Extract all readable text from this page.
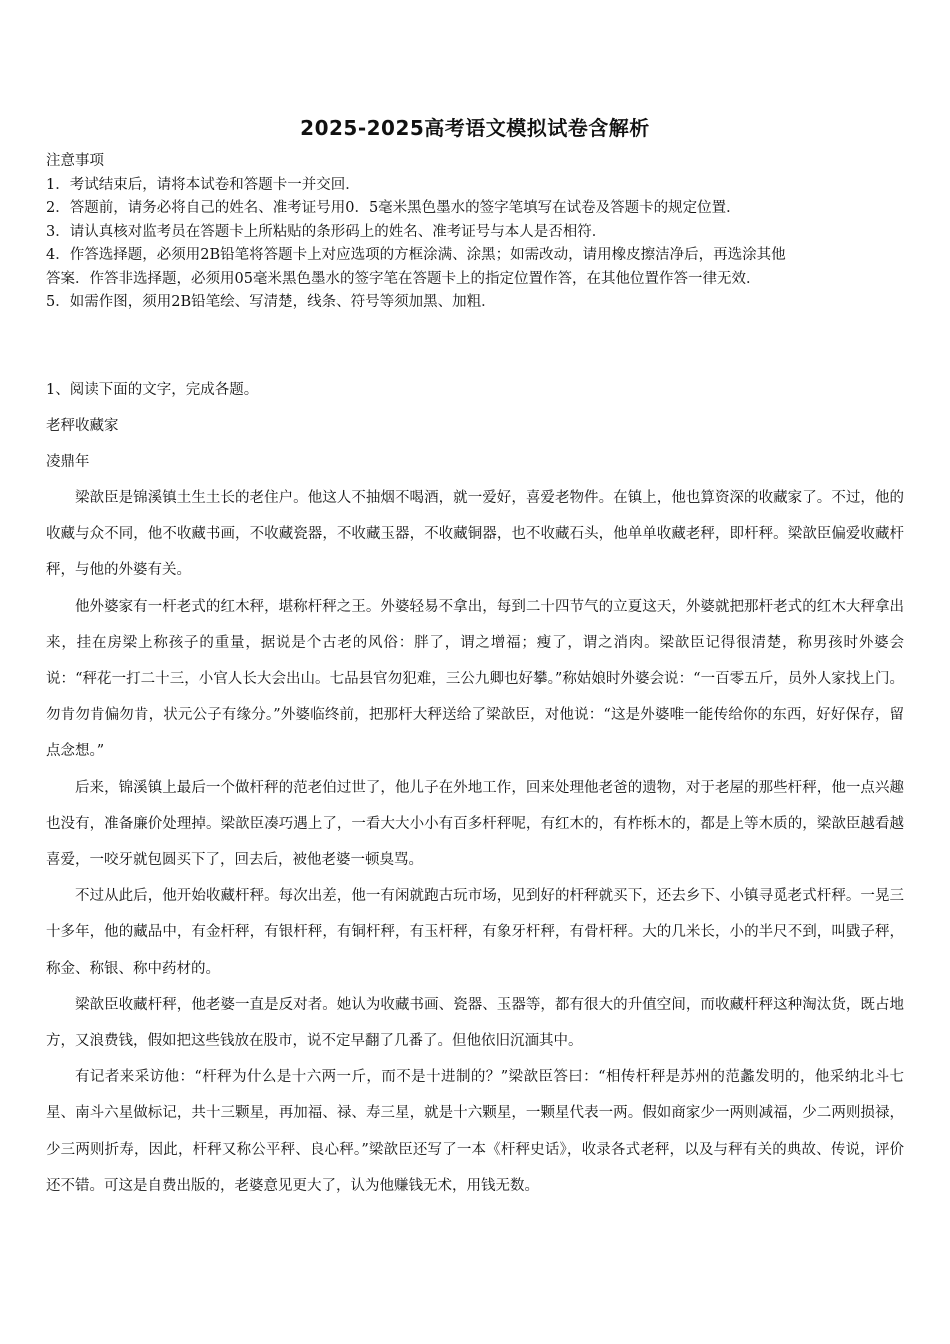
2025-2025高考语文模拟试卷含解析
注意事项
1．考试结束后，请将本试卷和答题卡一并交回．
2．答题前，请务必将自己的姓名、准考证号用0．5毫米黑色墨水的签字笔填写在试卷及答题卡的规定位置．
3．请认真核对监考员在答题卡上所粘贴的条形码上的姓名、准考证号与本人是否相符．
4．作答选择题，必须用2B铅笔将答题卡上对应选项的方框涂满、涂黑；如需改动，请用橡皮擦洁净后，再选涂其他
答案．作答非选择题，必须用05毫米黑色墨水的签字笔在答题卡上的指定位置作答，在其他位置作答一律无效．
5．如需作图，须用2B铅笔绘、写清楚，线条、符号等须加黑、加粗．
1、阅读下面的文字，完成各题。
老秤收藏家
凌鼎年
梁歆臣是锦溪镇土生土长的老住户。他这人不抽烟不喝酒，就一爱好，喜爱老物件。在镇上，他也算资深的收藏家了。不过，他的收藏与众不同，他不收藏书画，不收藏瓷器，不收藏玉器，不收藏铜器，也不收藏石头，他单单收藏老秤，即杆秤。梁歆臣偏爱收藏杆秤，与他的外婆有关。
他外婆家有一杆老式的红木秤，堪称杆秤之王。外婆轻易不拿出，每到二十四节气的立夏这天，外婆就把那杆老式的红木大秤拿出来，挂在房梁上称孩子的重量，据说是个古老的风俗：胖了，谓之增福；瘦了，谓之消肉。梁歆臣记得很清楚，称男孩时外婆会说：“秤花一打二十三，小官人长大会出山。七品县官勿犯难，三公九卿也好攀。”称姑娘时外婆会说：“一百零五斤，员外人家找上门。勿肯勿肯偏勿肯，状元公子有缘分。”外婆临终前，把那杆大秤送给了梁歆臣，对他说：“这是外婆唯一能传给你的东西，好好保存，留点念想。”
后来，锦溪镇上最后一个做杆秤的范老伯过世了，他儿子在外地工作，回来处理他老爸的遗物，对于老屋的那些杆秤，他一点兴趣也没有，准备廉价处理掉。梁歆臣凑巧遇上了，一看大大小小有百多杆秤呢，有红木的，有柞栎木的，都是上等木质的，梁歆臣越看越喜爱，一咬牙就包圆买下了，回去后，被他老婆一顿臭骂。
不过从此后，他开始收藏杆秤。每次出差，他一有闲就跑古玩市场，见到好的杆秤就买下，还去乡下、小镇寻觅老式杆秤。一晃三十多年，他的藏品中，有金杆秤，有银杆秤，有铜杆秤，有玉杆秤，有象牙杆秤，有骨杆秤。大的几米长，小的半尺不到，叫戥子秤，称金、称银、称中药材的。
梁歆臣收藏杆秤，他老婆一直是反对者。她认为收藏书画、瓷器、玉器等，都有很大的升值空间，而收藏杆秤这种淘汰货，既占地方，又浪费钱，假如把这些钱放在股市，说不定早翻了几番了。但他依旧沉湎其中。
有记者来采访他：“杆秤为什么是十六两一斤，而不是十进制的？”梁歆臣答曰：“相传杆秤是苏州的范蠡发明的，他采纳北斗七星、南斗六星做标记，共十三颗星，再加福、禄、寿三星，就是十六颗星，一颗星代表一两。假如商家少一两则减福，少二两则损禄，少三两则折寿，因此，杆秤又称公平秤、良心秤。”梁歆臣还写了一本《杆秤史话》，收录各式老秤，以及与秤有关的典故、传说，评价还不错。可这是自费出版的，老婆意见更大了，认为他赚钱无术，用钱无数。
